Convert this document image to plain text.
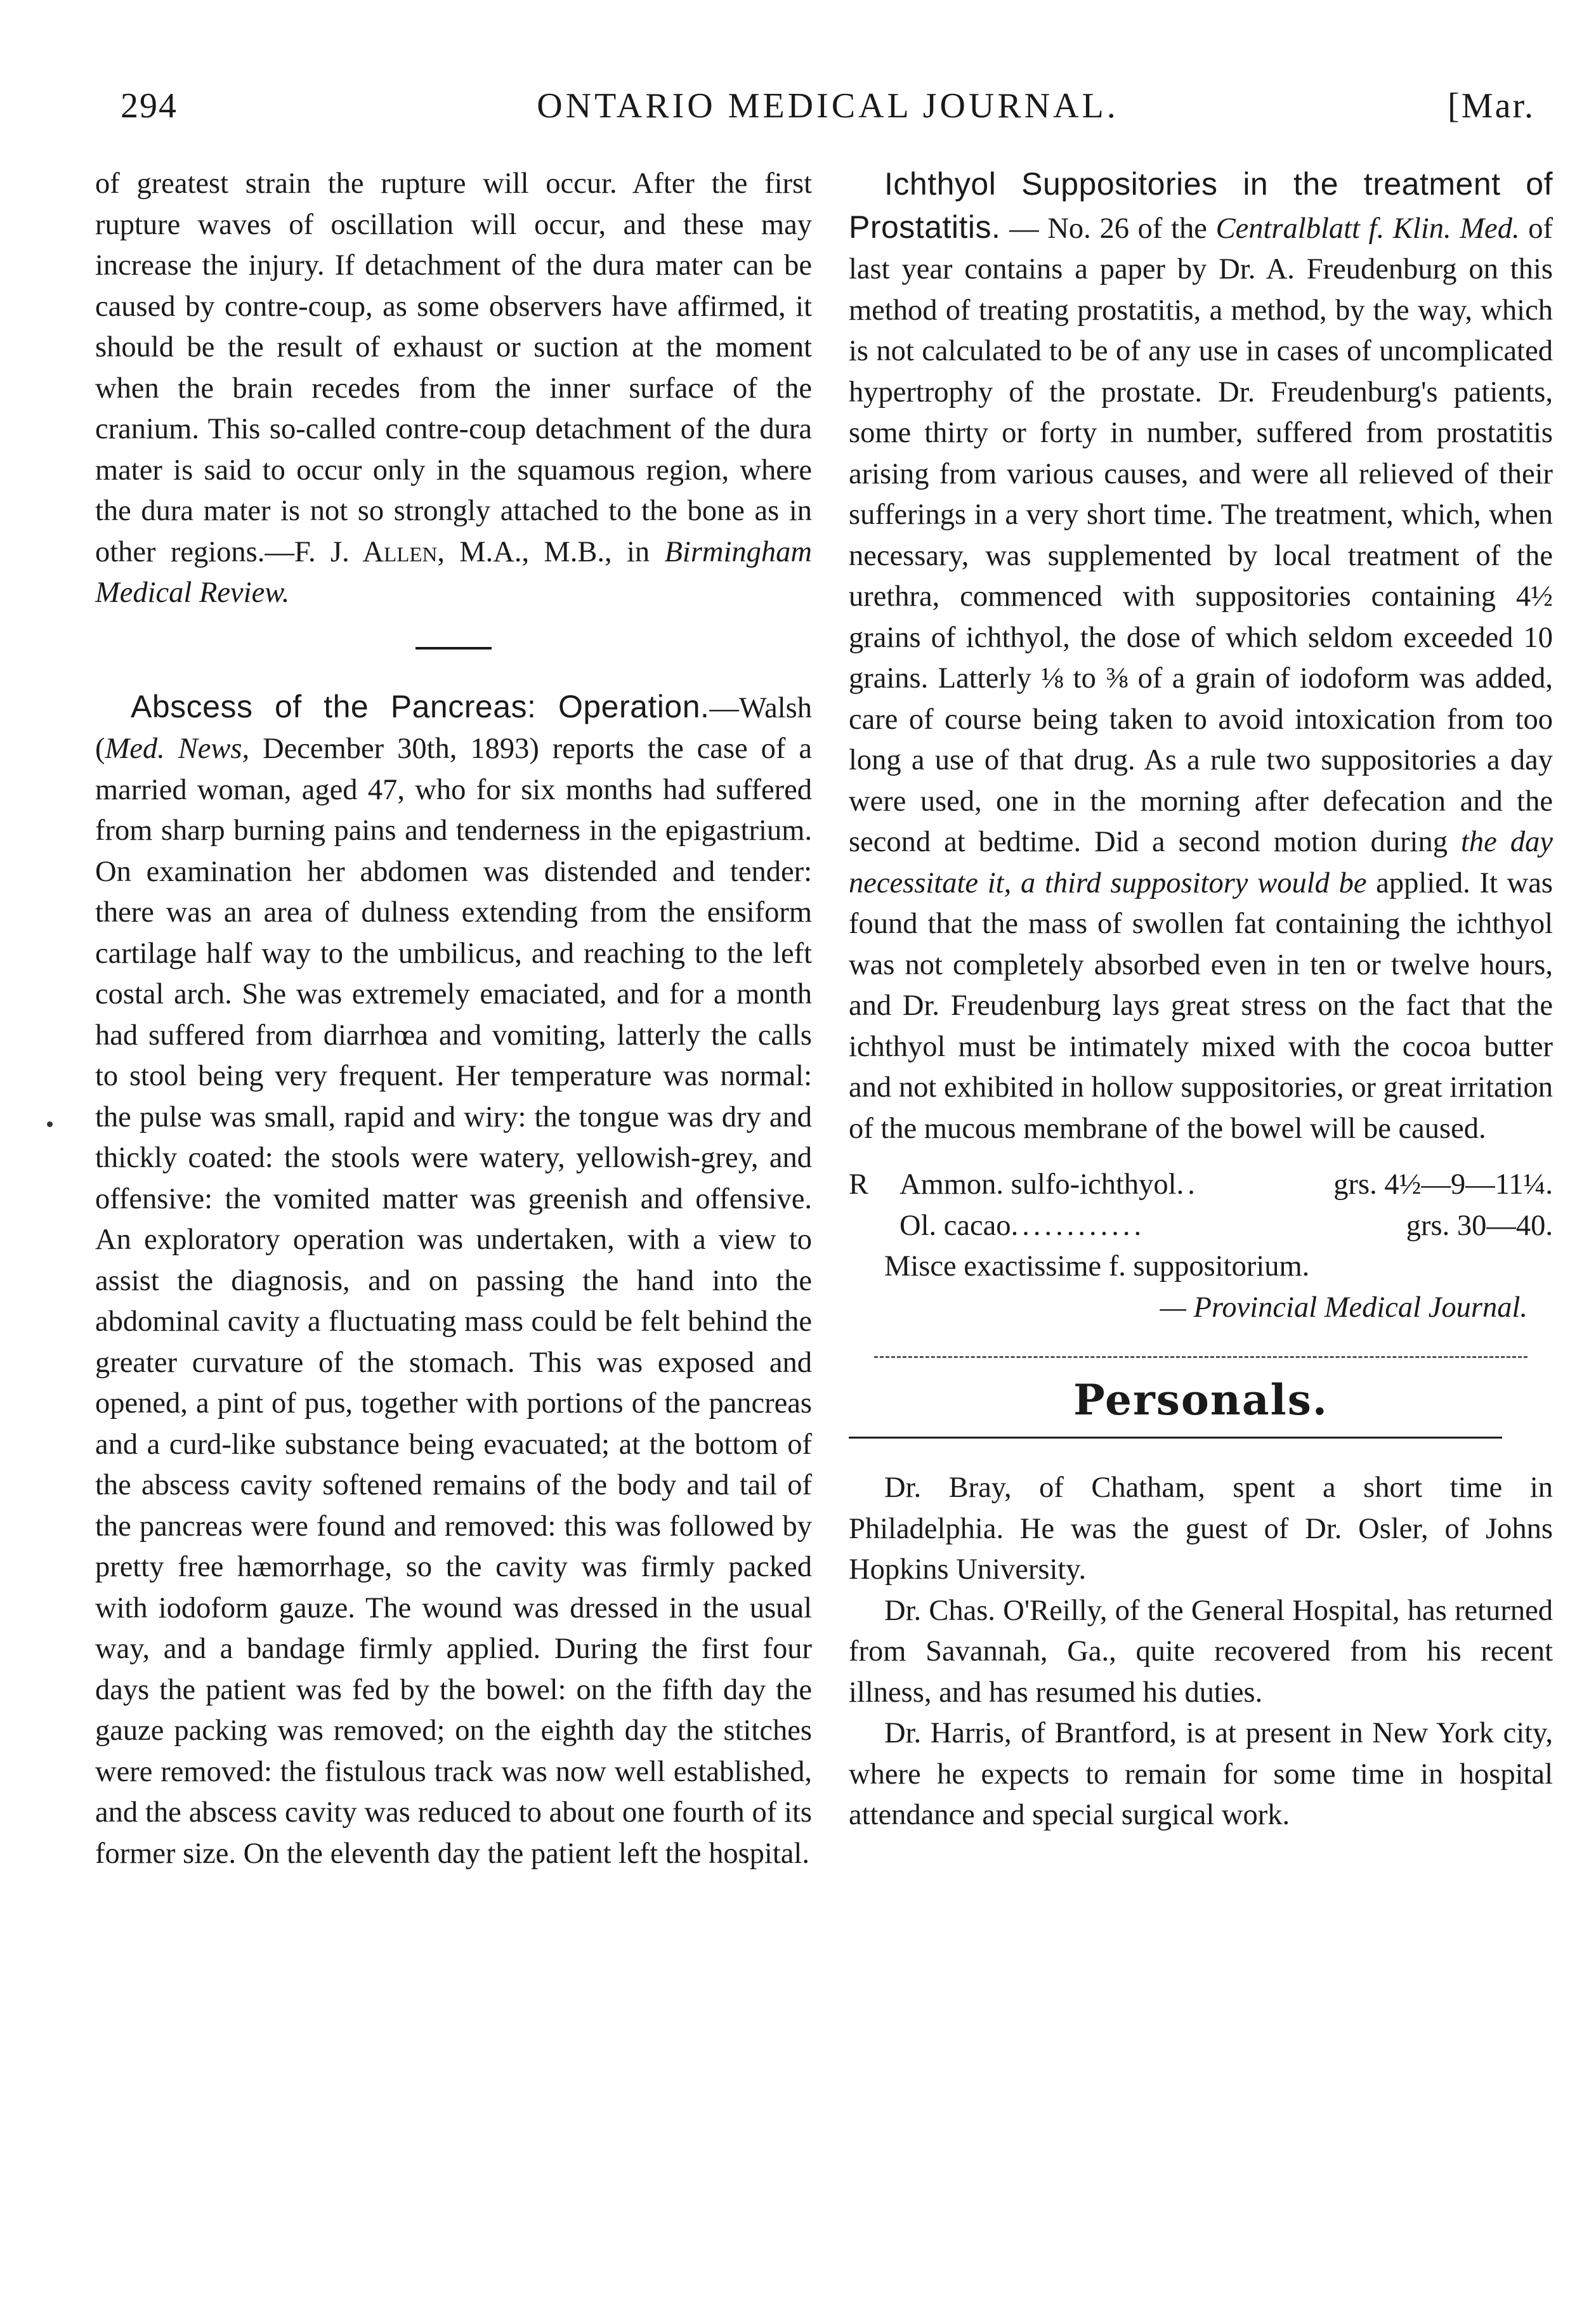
294	ONTARIO MEDICAL JOURNAL.	[Mar.

of greatest strain the rupture will occur. After the first rupture waves of oscillation will occur, and these may increase the injury. If detachment of the dura mater can be caused by contre-coup, as some observers have affirmed, it should be the result of exhaust or suction at the moment when the brain recedes from the inner surface of the cranium. This so-called contre-coup detachment of the dura mater is said to occur only in the squamous region, where the dura mater is not so strongly attached to the bone as in other regions.—F. J. Allen, M.A., M.B., in Birmingham Medical Review.

Abscess of the Pancreas: Operation.—Walsh (Med. News, December 30th, 1893) reports the case of a married woman, aged 47, who for six months had suffered from sharp burning pains and tenderness in the epigastrium. On examination her abdomen was distended and tender: there was an area of dulness extending from the ensiform cartilage half way to the umbilicus, and reaching to the left costal arch. She was extremely emaciated, and for a month had suffered from diarrhœa and vomiting, latterly the calls to stool being very frequent. Her temperature was normal: the pulse was small, rapid and wiry: the tongue was dry and thickly coated: the stools were watery, yellowish-grey, and offensive: the vomited matter was greenish and offensive. An exploratory operation was undertaken, with a view to assist the diagnosis, and on passing the hand into the abdominal cavity a fluctuating mass could be felt behind the greater curvature of the stomach. This was exposed and opened, a pint of pus, together with portions of the pancreas and a curd-like substance being evacuated; at the bottom of the abscess cavity softened remains of the body and tail of the pancreas were found and removed: this was followed by pretty free hæmorrhage, so the cavity was firmly packed with iodoform gauze. The wound was dressed in the usual way, and a bandage firmly applied. During the first four days the patient was fed by the bowel: on the fifth day the gauze packing was removed; on the eighth day the stitches were removed: the fistulous track was now well established, and the abscess cavity was reduced to about one fourth of its former size. On the eleventh day the patient left the hospital.

Ichthyol Suppositories in the treatment of Prostatitis. — No. 26 of the Centralblatt f. Klin. Med. of last year contains a paper by Dr. A. Freudenburg on this method of treating prostatitis, a method, by the way, which is not calculated to be of any use in cases of uncomplicated hypertrophy of the prostate. Dr. Freudenburg's patients, some thirty or forty in number, suffered from prostatitis arising from various causes, and were all relieved of their sufferings in a very short time. The treatment, which, when necessary, was supplemented by local treatment of the urethra, commenced with suppositories containing 4½ grains of ichthyol, the dose of which seldom exceeded 10 grains. Latterly ⅛ to ⅜ of a grain of iodoform was added, care of course being taken to avoid intoxication from too long a use of that drug. As a rule two suppositories a day were used, one in the morning after defecation and the second at bedtime. Did a second motion during the day necessitate it, a third suppository would be applied. It was found that the mass of swollen fat containing the ichthyol was not completely absorbed even in ten or twelve hours, and Dr. Freudenburg lays great stress on the fact that the ichthyol must be intimately mixed with the cocoa butter and not exhibited in hollow suppositories, or great irritation of the mucous membrane of the bowel will be caused.

R	Ammon. sulfo-ichthyol ..	grs. 4½—9—11¼.
Ol. cacao ............	grs. 30—40.

Misce exactissime f. suppositorium.

— Provincial Medical Journal.

Personals.

Dr. Bray, of Chatham, spent a short time in Philadelphia. He was the guest of Dr. Osler, of Johns Hopkins University.

Dr. Chas. O'Reilly, of the General Hospital, has returned from Savannah, Ga., quite recovered from his recent illness, and has resumed his duties.

Dr. Harris, of Brantford, is at present in New York city, where he expects to remain for some time in hospital attendance and special surgical work.
